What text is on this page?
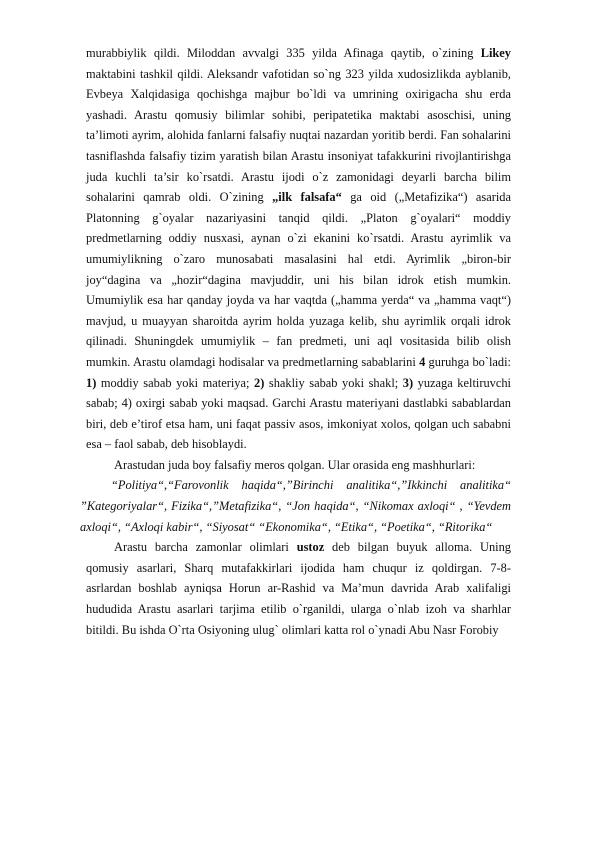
murabbiylik qildi. Miloddan avvalgi 335 yilda Afinaga qaytib, o`zining Likey maktabini tashkil qildi. Aleksandr vafotidan so`ng 323 yilda xudosizlikda ayblanib, Evbeya Xalqidasiga qochishga majbur bo`ldi va umrining oxirigacha shu erda yashadi. Arastu qomusiy bilimlar sohibi, peripatetika maktabi asoschisi, uning ta’limoti ayrim, alohida fanlarni falsafiy nuqtai nazardan yoritib berdi. Fan sohalarini tasniflashda falsafiy tizim yaratish bilan Arastu insoniyat tafakkurini rivojlantirishga juda kuchli ta’sir ko`rsatdi. Arastu ijodi o`z zamonidagi deyarli barcha bilim sohalarini qamrab oldi. O`zining „ilk falsafa“ ga oid („Metafizika“) asarida Platonning g`oyalar nazariyasini tanqid qildi. „Platon g`oyalari“ moddiy predmetlarning oddiy nusxasi, aynan o`zi ekanini ko`rsatdi. Arastu ayrimlik va umumiylikning o`zaro munosabati masalasini hal etdi. Ayrimlik „biron-bir joy“dagina va „hozir“dagina mavjuddir, uni his bilan idrok etish mumkin. Umumiylik esa har qanday joyda va har vaqtda („hamma yerda“ va „hamma vaqt“) mavjud, u muayyan sharoitda ayrim holda yuzaga kelib, shu ayrimlik orqali idrok qilinadi. Shuningdek umumiylik – fan predmeti, uni aql vositasida bilib olish mumkin. Arastu olamdagi hodisalar va predmetlarning sabablarini 4 guruhga bo`ladi: 1) moddiy sabab yoki materiya; 2) shakliy sabab yoki shakl; 3) yuzaga keltiruvchi sabab; 4) oxirgi sabab yoki maqsad. Garchi Arastu materiyani dastlabki sabablardan biri, deb e’tirof etsa ham, uni faqat passiv asos, imkoniyat xolos, qolgan uch sababni esa – faol sabab, deb hisoblaydi.

Arastudan juda boy falsafiy meros qolgan. Ular orasida eng mashhurlari:

“Politiya“,“Farovonlik haqida“,”Birinchi analitika“,”Ikkinchi analitika“ ”Kategoriyalar“, Fizika“,”Metafizika“, “Jon haqida“, “Nikomax axloqi“ , “Yevdem axloqi“, “Axloqi kabir“, “Siyosat“ “Ekonomika“, “Etika“, “Poetika“, “Ritorika“

Arastu barcha zamonlar olimlari ustoz deb bilgan buyuk alloma. Uning qomusiy asarlari, Sharq mutafakkirlari ijodida ham chuqur iz qoldirgan. 7-8-asrlardan boshlab ayniqsa Horun ar-Rashid va Ma’mun davrida Arab xalifaligi hududida Arastu asarlari tarjima etilib o`rganildi, ularga o`nlab izoh va sharhlar bitildi. Bu ishda O`rta Osiyoning ulug` olimlari katta rol o`ynadi Abu Nasr Forobiy
